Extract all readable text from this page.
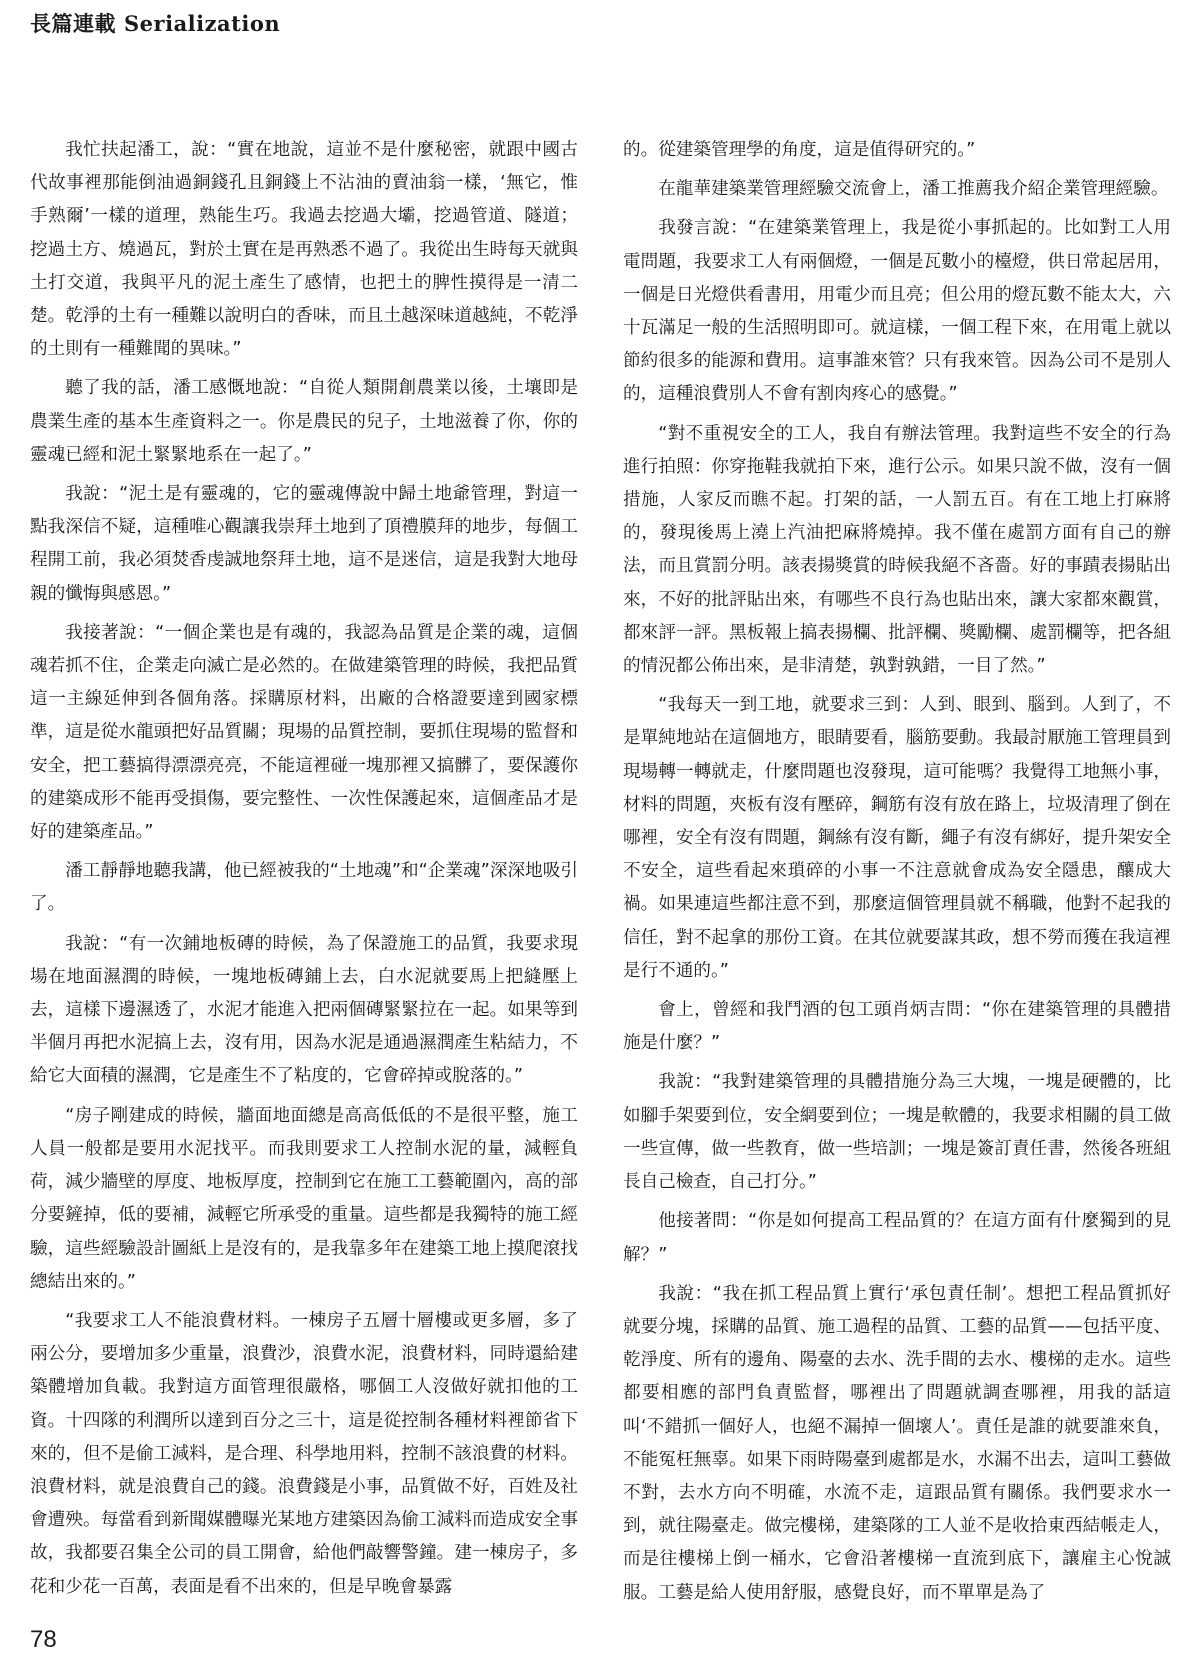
長篇連載 Serialization

我忙扶起潘工，說：“實在地說，這並不是什麼秘密，就跟中國古代故事裡那能倒油過銅錢孔且銅錢上不沾油的賣油翁一樣，‘無它，惟手熟爾’一樣的道理，熟能生巧。我過去挖過大壩，挖過管道、隧道；挖過土方、燒過瓦，對於土實在是再熟悉不過了。我從出生時每天就與土打交道，我與平凡的泥土產生了感情，也把土的脾性摸得是一清二楚。乾淨的土有一種難以說明白的香味，而且土越深味道越純，不乾淨的土則有一種難聞的異味。”

聽了我的話，潘工感慨地說：“自從人類開創農業以後，土壤即是農業生產的基本生產資料之一。你是農民的兒子，土地滋養了你，你的靈魂已經和泥土緊緊地系在一起了。”

我說：“泥土是有靈魂的，它的靈魂傳說中歸土地爺管理，對這一點我深信不疑，這種唯心觀讓我崇拜土地到了頂禮膜拜的地步，每個工程開工前，我必須焚香虔誠地祭拜土地，這不是迷信，這是我對大地母親的懺悔與感恩。”

我接著說：“一個企業也是有魂的，我認為品質是企業的魂，這個魂若抓不住，企業走向滅亡是必然的。在做建築管理的時候，我把品質這一主線延伸到各個角落。採購原材料，出廠的合格證要達到國家標準，這是從水龍頭把好品質關；現場的品質控制，要抓住現場的監督和安全，把工藝搞得漂漂亮亮，不能這裡碰一塊那裡又搞髒了，要保護你的建築成形不能再受損傷，要完整性、一次性保護起來，這個產品才是好的建築產品。”

潘工靜靜地聽我講，他已經被我的“土地魂”和“企業魂”深深地吸引了。

我說：“有一次鋪地板磚的時候，為了保證施工的品質，我要求現場在地面濕潤的時候，一塊地板磚鋪上去，白水泥就要馬上把縫壓上去，這樣下邊濕透了，水泥才能進入把兩個磚緊緊拉在一起。如果等到半個月再把水泥搞上去，沒有用，因為水泥是通過濕潤產生粘結力，不給它大面積的濕潤，它是產生不了粘度的，它會碎掉或脫落的。”

“房子剛建成的時候，牆面地面總是高高低低的不是很平整，施工人員一般都是要用水泥找平。而我則要求工人控制水泥的量，減輕負荷，減少牆壁的厚度、地板厚度，控制到它在施工工藝範圍內，高的部分要鏟掉，低的要補，減輕它所承受的重量。這些都是我獨特的施工經驗，這些經驗設計圖紙上是沒有的，是我靠多年在建築工地上摸爬滾找總結出來的。”

“我要求工人不能浪費材料。一棟房子五層十層樓或更多層，多了兩公分，要增加多少重量，浪費沙，浪費水泥，浪費材料，同時還給建築體增加負載。我對這方面管理很嚴格，哪個工人沒做好就扣他的工資。十四隊的利潤所以達到百分之三十，這是從控制各種材料裡節省下來的，但不是偷工減料，是合理、科學地用料，控制不該浪費的材料。浪費材料，就是浪費自己的錢。浪費錢是小事，品質做不好，百姓及社會遭殃。每當看到新聞媒體曝光某地方建築因為偷工減料而造成安全事故，我都要召集全公司的員工開會，給他們敲響警鐘。建一棟房子，多花和少花一百萬，表面是看不出來的，但是早晚會暴露

的。從建築管理學的角度，這是值得研究的。”

在龍華建築業管理經驗交流會上，潘工推薦我介紹企業管理經驗。

我發言說：“在建築業管理上，我是從小事抓起的。比如對工人用電問題，我要求工人有兩個燈，一個是瓦數小的檯燈，供日常起居用，一個是日光燈供看書用，用電少而且亮；但公用的燈瓦數不能太大，六十瓦滿足一般的生活照明即可。就這樣，一個工程下來，在用電上就以節約很多的能源和費用。這事誰來管？只有我來管。因為公司不是別人的，這種浪費別人不會有割肉疼心的感覺。”

“對不重視安全的工人，我自有辦法管理。我對這些不安全的行為進行拍照：你穿拖鞋我就拍下來，進行公示。如果只說不做，沒有一個措施，人家反而瞧不起。打架的話，一人罰五百。有在工地上打麻將的，發現後馬上澆上汽油把麻將燒掉。我不僅在處罰方面有自己的辦法，而且賞罰分明。該表揚獎賞的時候我絕不吝嗇。好的事蹟表揚貼出來，不好的批評貼出來，有哪些不良行為也貼出來，讓大家都來觀賞，都來評一評。黑板報上搞表揚欄、批評欄、獎勵欄、處罰欄等，把各組的情況都公佈出來，是非清楚，孰對孰錯，一目了然。”

“我每天一到工地，就要求三到：人到、眼到、腦到。人到了，不是單純地站在這個地方，眼睛要看，腦筋要動。我最討厭施工管理員到現場轉一轉就走，什麼問題也沒發現，這可能嗎？我覺得工地無小事，材料的問題，夾板有沒有壓碎，鋼筋有沒有放在路上，垃圾清理了倒在哪裡，安全有沒有問題，鋼絲有沒有斷，繩子有沒有綁好，提升架安全不安全，這些看起來瑣碎的小事一不注意就會成為安全隱患，釀成大禍。如果連這些都注意不到，那麼這個管理員就不稱職，他對不起我的信任，對不起拿的那份工資。在其位就要謀其政，想不勞而獲在我這裡是行不通的。”

會上，曾經和我鬥酒的包工頭肖炳吉問：“你在建築管理的具體措施是什麼？”

我說：“我對建築管理的具體措施分為三大塊，一塊是硬體的，比如腳手架要到位，安全網要到位；一塊是軟體的，我要求相關的員工做一些宣傳，做一些教育，做一些培訓；一塊是簽訂責任書，然後各班組長自己檢查，自己打分。”

他接著問：“你是如何提高工程品質的？在這方面有什麼獨到的見解？”

我說：“我在抓工程品質上實行‘承包責任制’。想把工程品質抓好就要分塊，採購的品質、施工過程的品質、工藝的品質——包括平度、乾淨度、所有的邊角、陽臺的去水、洗手間的去水、樓梯的走水。這些都要相應的部門負責監督，哪裡出了問題就調查哪裡，用我的話這叫‘不錯抓一個好人，也絕不漏掉一個壞人’。責任是誰的就要誰來負，不能冤枉無辜。如果下雨時陽臺到處都是水，水漏不出去，這叫工藝做不對，去水方向不明確，水流不走，這跟品質有關係。我們要求水一到，就往陽臺走。做完樓梯，建築隊的工人並不是收拾東西結帳走人，而是往樓梯上倒一桶水，它會沿著樓梯一直流到底下，讓雇主心悅誠服。工藝是給人使用舒服，感覺良好，而不單單是為了

78
